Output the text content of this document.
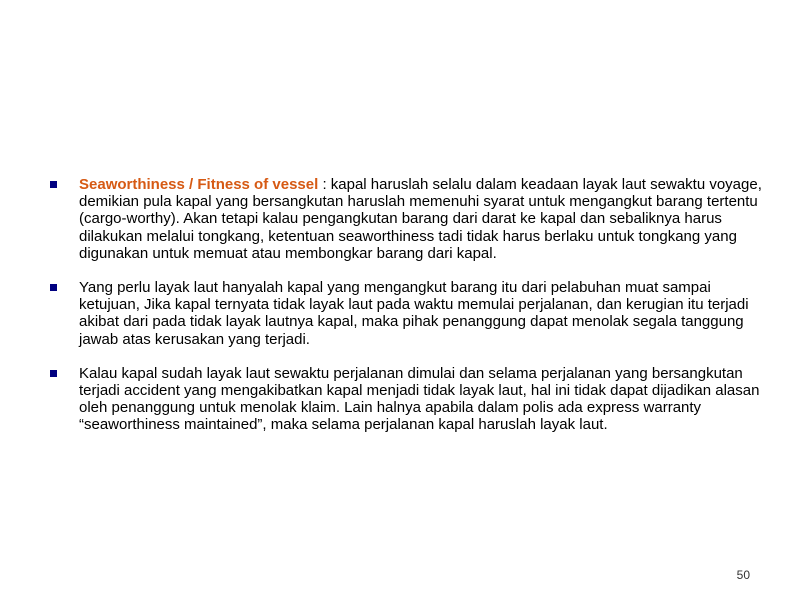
Seaworthiness / Fitness of vessel : kapal haruslah selalu dalam keadaan layak laut sewaktu voyage, demikian pula kapal yang bersangkutan haruslah memenuhi syarat untuk mengangkut barang tertentu (cargo-worthy). Akan tetapi kalau pengangkutan barang dari darat ke kapal dan sebaliknya harus dilakukan melalui tongkang, ketentuan seaworthiness tadi tidak harus berlaku untuk tongkang yang digunakan untuk memuat atau membongkar barang dari kapal.
Yang perlu layak laut hanyalah kapal yang mengangkut barang itu dari pelabuhan muat sampai ketujuan, Jika kapal ternyata tidak layak laut pada waktu memulai perjalanan, dan kerugian itu terjadi akibat dari pada tidak layak lautnya kapal, maka pihak penanggung dapat menolak segala tanggung jawab atas kerusakan yang terjadi.
Kalau kapal sudah layak laut sewaktu perjalanan dimulai dan selama perjalanan yang bersangkutan terjadi accident yang mengakibatkan kapal menjadi tidak layak laut, hal ini tidak dapat dijadikan alasan oleh penanggung untuk menolak klaim. Lain halnya apabila dalam polis ada express warranty “seaworthiness maintained”, maka selama perjalanan kapal haruslah layak laut.
50
